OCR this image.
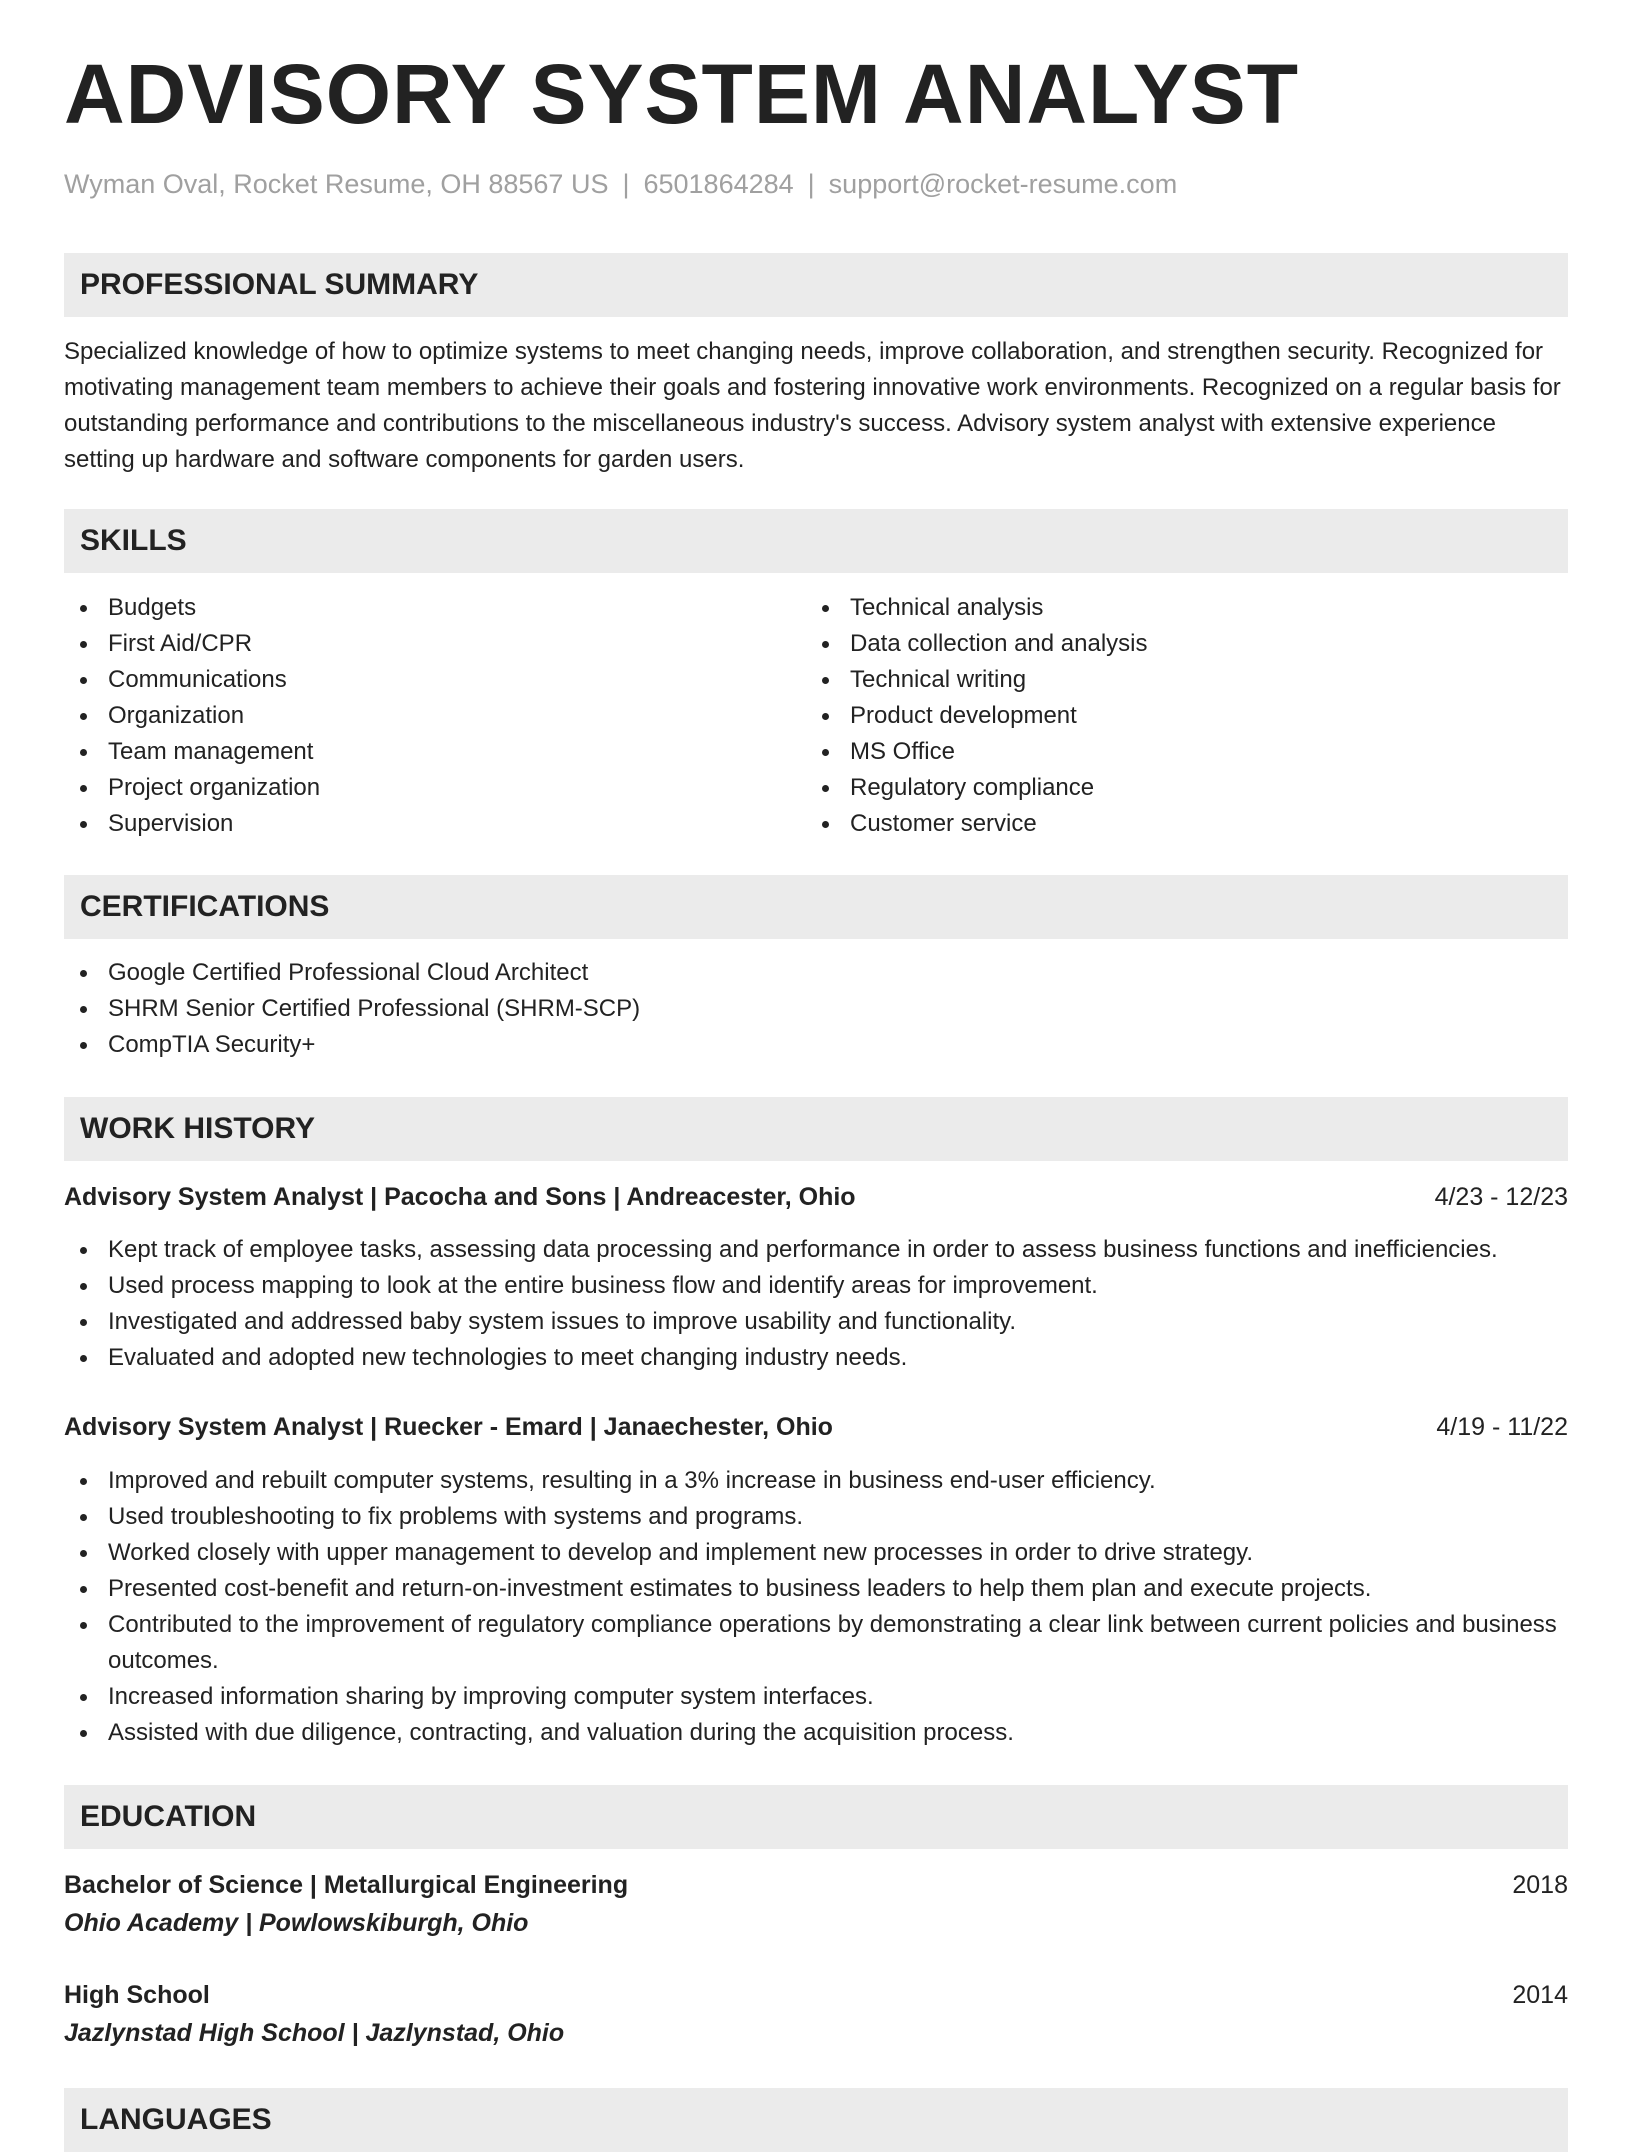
ADVISORY SYSTEM ANALYST
Wyman Oval, Rocket Resume, OH 88567 US | 6501864284 | support@rocket-resume.com
PROFESSIONAL SUMMARY
Specialized knowledge of how to optimize systems to meet changing needs, improve collaboration, and strengthen security. Recognized for motivating management team members to achieve their goals and fostering innovative work environments. Recognized on a regular basis for outstanding performance and contributions to the miscellaneous industry's success. Advisory system analyst with extensive experience setting up hardware and software components for garden users.
SKILLS
Budgets
First Aid/CPR
Communications
Organization
Team management
Project organization
Supervision
Technical analysis
Data collection and analysis
Technical writing
Product development
MS Office
Regulatory compliance
Customer service
CERTIFICATIONS
Google Certified Professional Cloud Architect
SHRM Senior Certified Professional (SHRM-SCP)
CompTIA Security+
WORK HISTORY
Advisory System Analyst | Pacocha and Sons | Andreacester, Ohio	4/23 - 12/23
Kept track of employee tasks, assessing data processing and performance in order to assess business functions and inefficiencies.
Used process mapping to look at the entire business flow and identify areas for improvement.
Investigated and addressed baby system issues to improve usability and functionality.
Evaluated and adopted new technologies to meet changing industry needs.
Advisory System Analyst | Ruecker - Emard | Janaechester, Ohio	4/19 - 11/22
Improved and rebuilt computer systems, resulting in a 3% increase in business end-user efficiency.
Used troubleshooting to fix problems with systems and programs.
Worked closely with upper management to develop and implement new processes in order to drive strategy.
Presented cost-benefit and return-on-investment estimates to business leaders to help them plan and execute projects.
Contributed to the improvement of regulatory compliance operations by demonstrating a clear link between current policies and business outcomes.
Increased information sharing by improving computer system interfaces.
Assisted with due diligence, contracting, and valuation during the acquisition process.
EDUCATION
Bachelor of Science | Metallurgical Engineering	2018
Ohio Academy | Powlowskiburgh, Ohio
High School	2014
Jazlynstad High School | Jazlynstad, Ohio
LANGUAGES
